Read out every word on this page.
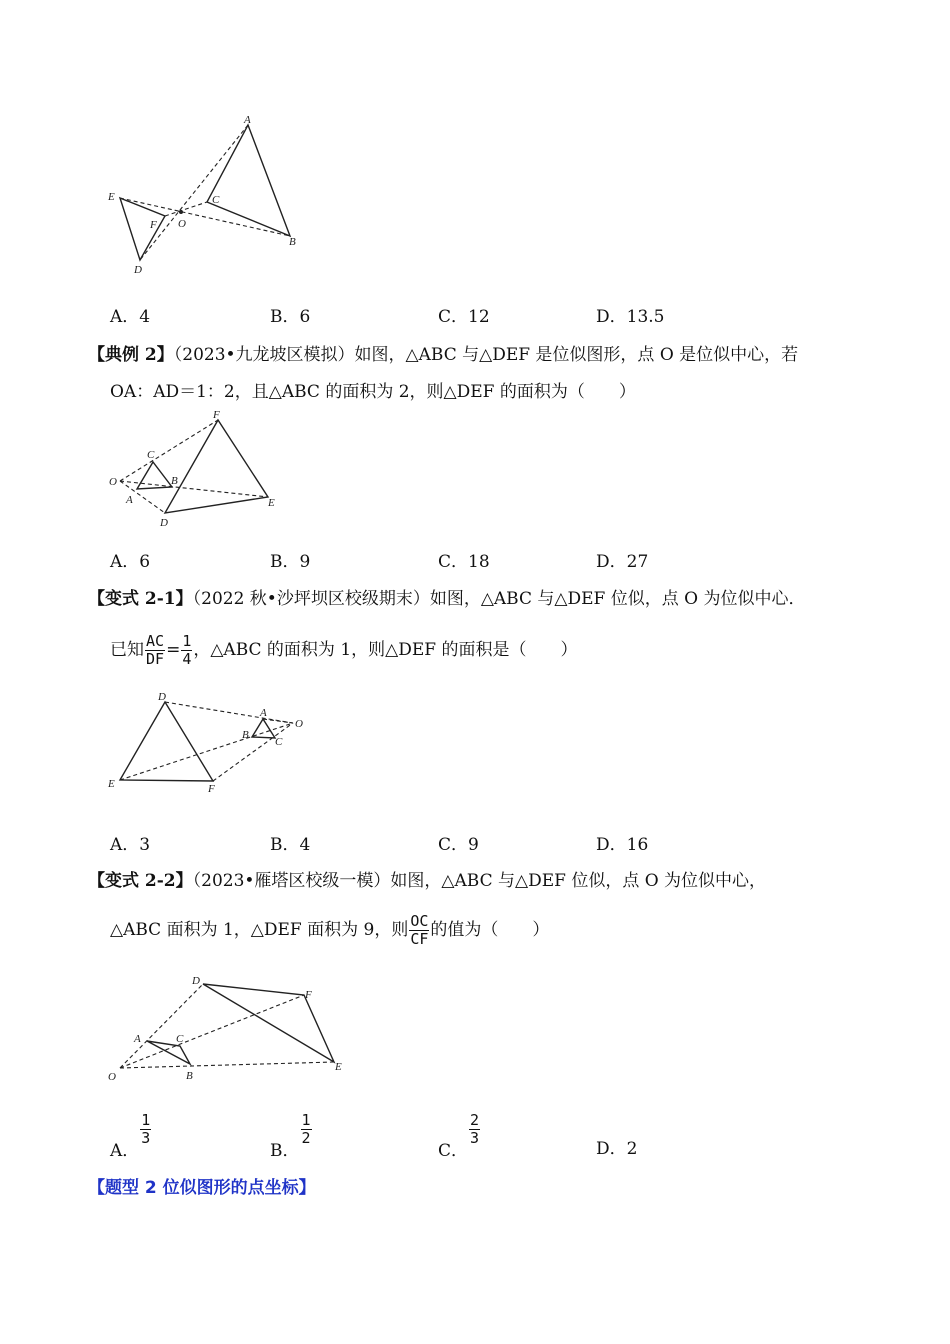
A
C
E
O
F
B
D
A．4	B．6	C．12	D．13.5
【典例 2】（2023•九龙坡区模拟）如图，△ABC 与△DEF 是位似图形，点 O 是位似中心，若
OA：AD＝1：2，且△ABC 的面积为 2，则△DEF 的面积为（　　）
F
C
O	B
A	E
D
A．6	B．9	C．18	D．27
【变式 2-1】（2022 秋•沙坪坝区校级期末）如图，△ABC 与△DEF 位似，点 O 为位似中心．
已知 $\frac{AC}{DF} = \frac{1}{4}$ ，△ABC 的面积为 1，则△DEF 的面积是（　　）
D
A
O
B
C
E	F
A．3	B．4	C．9	D．16
【变式 2-2】（2023•雁塔区校级一模）如图，△ABC 与△DEF 位似，点 O 为位似中心，
△ABC 面积为 1，△DEF 面积为 9，则 $\frac{OC}{CF}$ 的值为（　　）
D
F
A	C
O	B
E
A．
$\frac{1}{3}$
B．
$\frac{1}{2}$
C．
$\frac{2}{3}$
D．2
【题型 2 位似图形的点坐标】
